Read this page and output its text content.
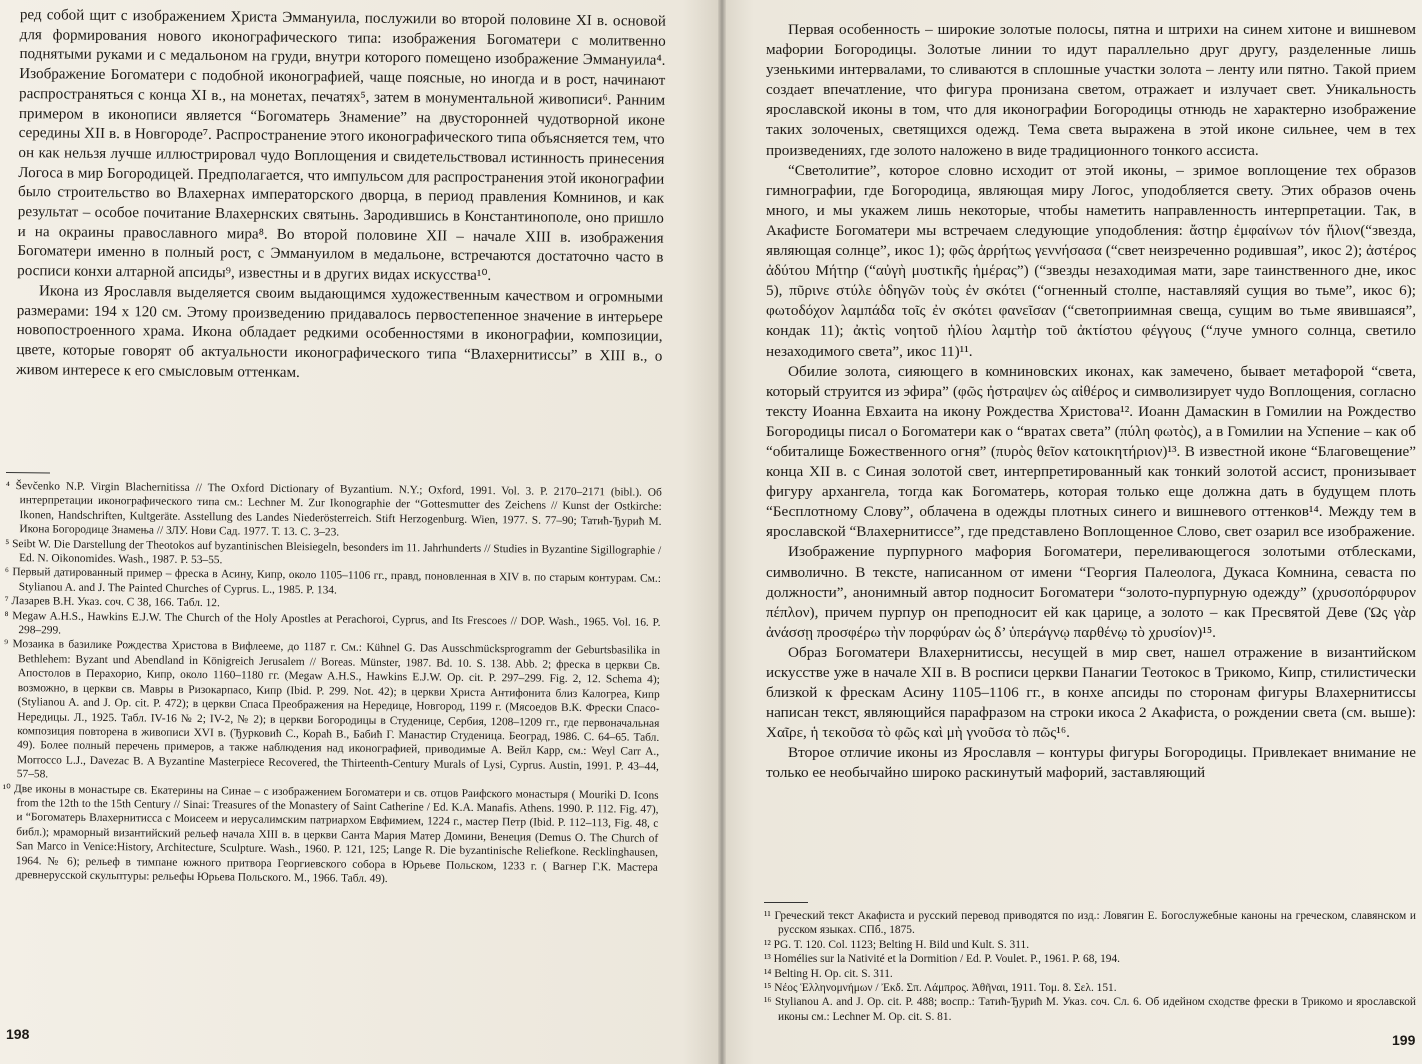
ред собой щит с изображением Христа Эммануила, послужили во второй половине XI в. основой для формирования нового иконографического типа: изображения Богоматери с молитвенно поднятыми руками и с медальоном на груди, внутри которого помещено изображение Эммануила⁴. Изображение Богоматери с подобной иконографией, чаще поясные, но иногда и в рост, начинают распространяться с конца XI в., на монетах, печатях⁵, затем в монументальной живописи⁶. Ранним примером в иконописи является “Богоматерь Знамение” на двусторонней чудотворной иконе середины XII в. в Новгороде⁷. Распространение этого иконографического типа объясняется тем, что он как нельзя лучше иллюстрировал чудо Воплощения и свидетельствовал истинность принесения Логоса в мир Богородицей. Предполагается, что импульсом для распространения этой иконографии было строительство во Влахернах императорского дворца, в период правления Комнинов, и как результат – особое почитание Влахернских святынь. Зародившись в Константинополе, оно пришло и на окраины православного мира⁸. Во второй половине XII – начале XIII в. изображения Богоматери именно в полный рост, с Эммануилом в медальоне, встречаются достаточно часто в росписи конхи алтарной апсиды⁹, известны и в других видах искусства¹⁰.

Икона из Ярославля выделяется своим выдающимся художественным качеством и огромными размерами: 194 x 120 см. Этому произведению придавалось первостепенное значение в интерьере новопостроенного храма. Икона обладает редкими особенностями в иконографии, композиции, цвете, которые говорят об актуальности иконографического типа “Влахернитиссы” в XIII в., о живом интересе к его смысловым оттенкам.

⁴ Ševčenko N.P. Virgin Blachernitissa // The Oxford Dictionary of Byzantium. N.Y.; Oxford, 1991. Vol. 3. P. 2170–2171 (bibl.). Об интерпретации иконографического типа см.: Lechner M. Zur Ikonographie der “Gottesmutter des Zeichens // Kunst der Ostkirche: Ikonen, Handschriften, Kultgeräte. Asstellung des Landes Niederösterreich. Stift Herzogenburg. Wien, 1977. S. 77–90; Татић-Ђурић М. Икона Богородице Знамења // ЗЛУ. Нови Сад. 1977. Т. 13. С. 3–23.

⁵ Seibt W. Die Darstellung der Theotokos auf byzantinischen Bleisiegeln, besonders im 11. Jahrhunderts // Studies in Byzantine Sigillographie / Ed. N. Oikonomides. Wash., 1987. P. 53–55.

⁶ Первый датированный пример – фреска в Асину, Кипр, около 1105–1106 гг., правд, поновленная в XIV в. по старым контурам. См.: Stylianou A. and J. The Painted Churches of Cyprus. L., 1985. P. 134.

⁷ Лазарев В.Н. Указ. соч. С 38, 166. Табл. 12.

⁸ Megaw A.H.S., Hawkins E.J.W. The Church of the Holy Apostles at Perachoroi, Cyprus, and Its Frescoes // DOP. Wash., 1965. Vol. 16. P. 298–299.

⁹ Мозаика в базилике Рождества Христова в Вифлееме, до 1187 г. См.: Kühnel G. Das Ausschmücksprogramm der Geburtsbasilika in Bethlehem: Byzant und Abendland in Königreich Jerusalem // Boreas. Münster, 1987. Bd. 10. S. 138. Abb. 2; фреска в церкви Св. Апостолов в Перахорио, Кипр, около 1160–1180 гг. (Megaw A.H.S., Hawkins E.J.W. Op. cit. P. 297–299. Fig. 2, 12. Schema 4); возможно, в церкви св. Мавры в Ризокарпасо, Кипр (Ibid. P. 299. Not. 42); в церкви Христа Антифонита близ Калогреа, Кипр (Stylianou A. and J. Op. cit. P. 472); в церкви Спаса Преображения на Нередице, Новгород, 1199 г. (Мясоедов В.К. Фрески Спасо-Нередицы. Л., 1925. Табл. IV-16 № 2; IV-2, № 2); в церкви Богородицы в Студенице, Сербия, 1208–1209 гг., где первоначальная композиция повторена в живописи XVI в. (Ђурковић С., Кораћ В., Бабић Г. Манастир Студеница. Београд, 1986. С. 64–65. Табл. 49). Более полный перечень примеров, а также наблюдения над иконографией, приводимые А. Вейл Карр, см.: Weyl Carr A., Morrocco L.J., Davezac B. A Byzantine Masterpiece Recovered, the Thirteenth-Century Murals of Lysi, Cyprus. Austin, 1991. P. 43–44, 57–58.

¹⁰ Две иконы в монастыре св. Екатерины на Синае – с изображением Богоматери и св. отцов Раифского монастыря ( Mouriki D. Icons from the 12th to the 15th Century // Sinai: Treasures of the Monastery of Saint Catherine / Ed. K.A. Manafis. Athens. 1990. P. 112. Fig. 47), и “Богоматерь Влахернитисса с Моисеем и иерусалимским патриархом Евфимием, 1224 г., мастер Петр (Ibid. P. 112–113, Fig. 48, с библ.); мраморный византийский рельеф начала XIII в. в церкви Санта Мария Матер Домини, Венеция (Demus O. The Church of San Marco in Venice:History, Architecture, Sculpture. Wash., 1960. P. 121, 125; Lange R. Die byzantinische Reliefkone. Recklinghausen, 1964. № 6); рельеф в тимпане южного притвора Георгиевского собора в Юрьеве Польском, 1233 г. ( Вагнер Г.К. Мастера древнерусской скульптуры: рельефы Юрьева Польского. М., 1966. Табл. 49).

198

Первая особенность – широкие золотые полосы, пятна и штрихи на синем хитоне и вишневом мафории Богородицы. Золотые линии то идут параллельно друг другу, разделенные лишь узенькими интервалами, то сливаются в сплошные участки золота – ленту или пятно. Такой прием создает впечатление, что фигура пронизана светом, отражает и излучает свет. Уникальность ярославской иконы в том, что для иконографии Богородицы отнюдь не характерно изображение таких золоченых, светящихся одежд. Тема света выражена в этой иконе сильнее, чем в тех произведениях, где золото наложено в виде традиционного тонкого ассиста.

“Светолитие”, которое словно исходит от этой иконы, – зримое воплощение тех образов гимнографии, где Богородица, являющая миру Логос, уподобляется свету. Этих образов очень много, и мы укажем лишь некоторые, чтобы наметить направленность интерпретации. Так, в Акафисте Богоматери мы встречаем следующие уподобления: ἄστηρ ἐμφαίνων τόν ἥλιον(“звезда, являющая солнце”, икос 1); φῶς ἀρρήτως γεννήσασα (“свет неизреченно родившая”, икос 2); ἀστέρος ἀδύτου Μήτηρ (“αὐγὴ μυστικῆς ἡμέρας”) (“звезды незаходимая мати, заре таинственного дне, икос 5), πῦρινε στύλε ὁδηγῶν τοὺς ἐν σκότει (“огненный столпе, наставляяй сущия во тьме”, икос 6); φωτοδόχον λαμπάδα τοῖς ἐν σκότει φανεῖσαν (“светоприимная свеща, сущим во тьме явившаяся”, кондак 11); ἀκτὶς νοητοῦ ἡλίου λαμτὴρ τοῦ ἀκτίστου φέγγους (“луче умного солнца, светило незаходимого света”, икос 11)¹¹.

Обилие золота, сияющего в комниновских иконах, как замечено, бывает метафорой “света, который струится из эфира” (φῶς ἠστραψεν ὡς αἰθέρος и символизирует чудо Воплощения, согласно тексту Иоанна Евхаита на икону Рождества Христова¹². Иоанн Дамаскин в Гомилии на Рождество Богородицы писал о Богоматери как о “вратах света” (πύλη φωτὸς), а в Гомилии на Успение – как об “обиталище Божественного огня” (πυρὸς θεῖον κατοικητήριον)¹³. В известной иконе “Благовещение” конца XII в. с Синая золотой свет, интерпретированный как тонкий золотой ассист, пронизывает фигуру архангела, тогда как Богоматерь, которая только еще должна дать в будущем плоть “Бесплотному Слову”, облачена в одежды плотных синего и вишневого оттенков¹⁴. Между тем в ярославской “Влахернитиссе”, где представлено Воплощенное Слово, свет озарил все изображение.

Изображение пурпурного мафория Богоматери, переливающегося золотыми отблесками, символично. В тексте, написанном от имени “Георгия Палеолога, Дукаса Комнина, севаста по должности”, анонимный автор подносит Богоматери “золото-пурпурную одежду” (χρυσοπόρφυρον πέπλον), причем пурпур он преподносит ей как царице, а золото – как Пресвятой Деве (Ὡς γὰρ ἀνάσσῃ προσφέρω τὴν πορφύραν ὡς δ’ ὑπεράγνῳ παρθένῳ τὸ χρυσίον)¹⁵.

Образ Богоматери Влахернитиссы, несущей в мир свет, нашел отражение в византийском искусстве уже в начале XII в. В росписи церкви Панагии Теотокос в Трикомо, Кипр, стилистически близкой к фрескам Асину 1105–1106 гг., в конхе апсиды по сторонам фигуры Влахернитиссы написан текст, являющийся парафразом на строки икоса 2 Акафиста, о рождении света (см. выше): Χαῖρε, ἡ τεκοῦσα τὸ φῶς καὶ μὴ γνοῦσα τὸ πῶς¹⁶.

Второе отличие иконы из Ярославля – контуры фигуры Богородицы. Привлекает внимание не только ее необычайно широко раскинутый мафорий, заставляющий

¹¹ Греческий текст Акафиста и русский перевод приводятся по изд.: Ловягин Е. Богослужебные каноны на греческом, славянском и русском языках. СПб., 1875.

¹² PG. T. 120. Col. 1123; Belting H. Bild und Kult. S. 311.

¹³ Homélies sur la Nativité et la Dormition / Ed. P. Voulet. P., 1961. P. 68, 194.

¹⁴ Belting H. Op. cit. S. 311.

¹⁵ Νέος Ἑλληνομνήμων / Ἐκδ. Σπ. Λάμπρος. Ἀθῆναι, 1911. Τομ. 8. Σελ. 151.

¹⁶ Stylianou A. and J. Op. cit. P. 488; воспр.: Татић-Ђурић М. Указ. соч. Сл. 6. Об идейном сходстве фрески в Трикомо и ярославской иконы см.: Lechner M. Op. cit. S. 81.

199
